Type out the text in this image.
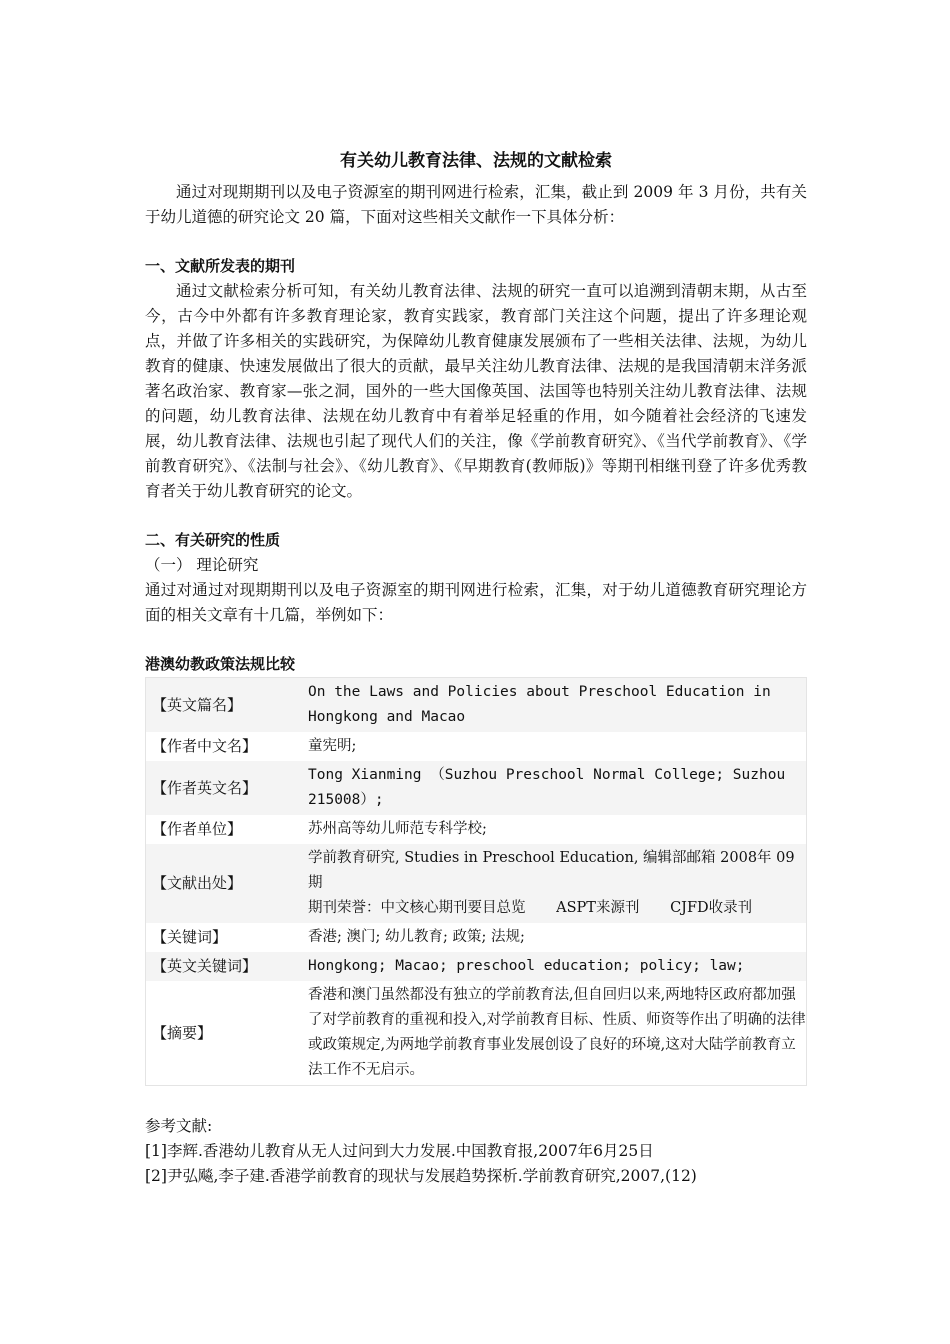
有关幼儿教育法律、法规的文献检索

通过对现期期刊以及电子资源室的期刊网进行检索，汇集，截止到 2009 年 3 月份，共有关于幼儿道德的研究论文 20 篇，下面对这些相关文献作一下具体分析：

一、文献所发表的期刊

通过文献检索分析可知，有关幼儿教育法律、法规的研究一直可以追溯到清朝末期，从古至今，古今中外都有许多教育理论家，教育实践家，教育部门关注这个问题，提出了许多理论观点，并做了许多相关的实践研究，为保障幼儿教育健康发展颁布了一些相关法律、法规，为幼儿教育的健康、快速发展做出了很大的贡献，最早关注幼儿教育法律、法规的是我国清朝末洋务派著名政治家、教育家—张之洞，国外的一些大国像英国、法国等也特别关注幼儿教育法律、法规的问题，幼儿教育法律、法规在幼儿教育中有着举足轻重的作用，如今随着社会经济的飞速发展，幼儿教育法律、法规也引起了现代人们的关注，像《学前教育研究》、《当代学前教育》、《学前教育研究》、《法制与社会》、《幼儿教育》、《早期教育(教师版)》等期刊相继刊登了许多优秀教育者关于幼儿教育研究的论文。

二、有关研究的性质
（一） 理论研究

通过对通过对现期期刊以及电子资源室的期刊网进行检索，汇集，对于幼儿道德教育研究理论方面的相关文章有十几篇，举例如下：

港澳幼教政策法规比较
【英文篇名】	On the Laws and Policies about Preschool Education in Hongkong and Macao
【作者中文名】	童宪明;
【作者英文名】	Tong Xianming （Suzhou Preschool Normal College; Suzhou 215008）;
【作者单位】	苏州高等幼儿师范专科学校;
【文献出处】	学前教育研究, Studies in Preschool Education, 编辑部邮箱 2008年 09期
期刊荣誉：中文核心期刊要目总览 ASPT来源刊 CJFD收录刊

【关键词】	香港; 澳门; 幼儿教育; 政策; 法规;
【英文关键词】	Hongkong; Macao; preschool education; policy; law;
【摘要】	香港和澳门虽然都没有独立的学前教育法,但自回归以来,两地特区政府都加强了对学前教育的重视和投入,对学前教育目标、性质、师资等作出了明确的法律或政策规定,为两地学前教育事业发展创设了良好的环境,这对大陆学前教育立法工作不无启示。

参考文献:

[1]李辉.香港幼儿教育从无人过问到大力发展.中国教育报,2007年6月25日

[2]尹弘飚,李子建.香港学前教育的现状与发展趋势探析.学前教育研究,2007,(12)
